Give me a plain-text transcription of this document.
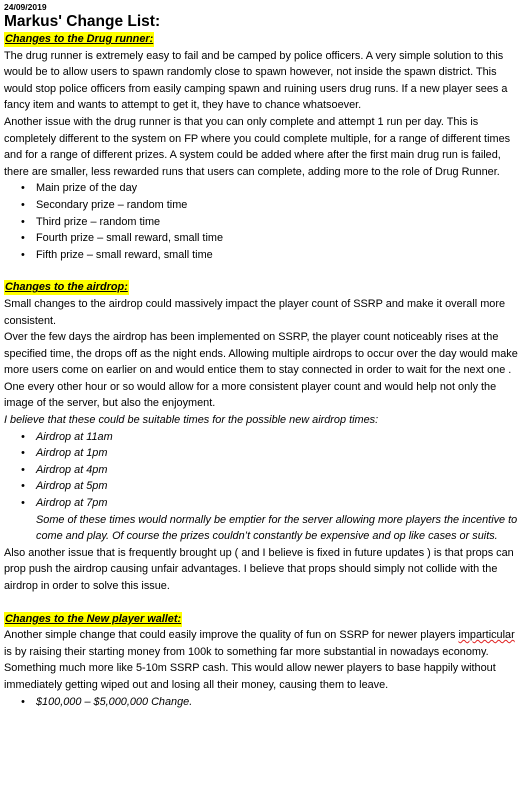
24/09/2019

Markus' Change List:

Changes to the Drug runner:

The drug runner is extremely easy to fail and be camped by police officers. A very simple solution to this would be to allow users to spawn randomly close to spawn however, not inside the spawn district. This would stop police officers from easily camping spawn and ruining users drug runs. If a new player sees a fancy item and wants to attempt to get it, they have to chance whatsoever.

Another issue with the drug runner is that you can only complete and attempt 1 run per day. This is completely different to the system on FP where you could complete multiple, for a range of different times and for a range of different prizes. A system could be added where after the first main drug run is failed, there are smaller, less rewarded runs that users can complete, adding more to the role of Drug Runner.

• Main prize of the day
• Secondary prize – random time
• Third prize – random time
• Fourth prize – small reward, small time
• Fifth prize – small reward, small time
Changes to the airdrop:

Small changes to the airdrop could massively impact the player count of SSRP and make it overall more consistent.

Over the few days the airdrop has been implemented on SSRP, the player count noticeably rises at the specified time, the drops off as the night ends. Allowing multiple airdrops to occur over the day would make more users come on earlier on and would entice them to stay connected in order to wait for the next one . One every other hour or so would allow for a more consistent player count and would help not only the image of the server, but also the enjoyment.

I believe that these could be suitable times for the possible new airdrop times:

• Airdrop at 11am
• Airdrop at 1pm
• Airdrop at 4pm
• Airdrop at 5pm
• Airdrop at 7pm

Some of these times would normally be emptier for the server allowing more players the incentive to come and play. Of course the prizes couldn’t constantly be expensive and op like cases or suits.

Also another issue that is frequently brought up ( and I believe is fixed in future updates ) is that props can prop push the airdrop causing unfair advantages. I believe that props should simply not collide with the airdrop in order to solve this issue.

Changes to the New player wallet:

Another simple change that could easily improve the quality of fun on SSRP for newer players imparticular is by raising their starting money from 100k to something far more substantial in nowadays economy. Something much more like 5-10m SSRP cash. This would allow newer players to base happily without immediately getting wiped out and losing all their money, causing them to leave.

• $100,000 – $5,000,000 Change.
